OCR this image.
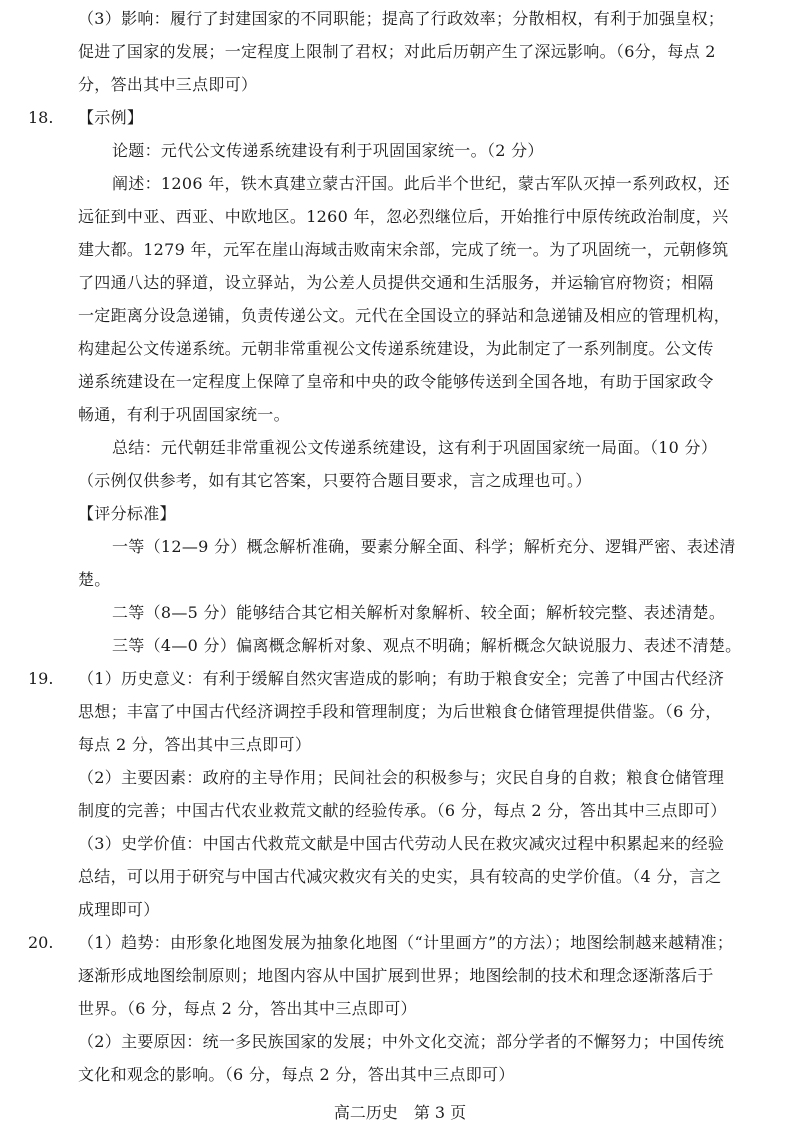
（3）影响：履行了封建国家的不同职能；提高了行政效率；分散相权，有利于加强皇权；
促进了国家的发展；一定程度上限制了君权；对此后历朝产生了深远影响。（6分，每点 2
分，答出其中三点即可）
18. 【示例】
论题：元代公文传递系统建设有利于巩固国家统一。（2 分）
阐述：1206 年，铁木真建立蒙古汗国。此后半个世纪，蒙古军队灭掉一系列政权，还
远征到中亚、西亚、中欧地区。1260 年，忽必烈继位后，开始推行中原传统政治制度，兴
建大都。1279 年，元军在崖山海域击败南宋余部，完成了统一。为了巩固统一，元朝修筑
了四通八达的驿道，设立驿站，为公差人员提供交通和生活服务，并运输官府物资；相隔
一定距离分设急递铺，负责传递公文。元代在全国设立的驿站和急递铺及相应的管理机构，
构建起公文传递系统。元朝非常重视公文传递系统建设，为此制定了一系列制度。公文传
递系统建设在一定程度上保障了皇帝和中央的政令能够传送到全国各地，有助于国家政令
畅通，有利于巩固国家统一。
总结：元代朝廷非常重视公文传递系统建设，这有利于巩固国家统一局面。（10 分）
（示例仅供参考，如有其它答案，只要符合题目要求，言之成理也可。）
【评分标准】
一等（12—9 分）概念解析准确，要素分解全面、科学；解析充分、逻辑严密、表述清
楚。
二等（8—5 分）能够结合其它相关解析对象解析、较全面；解析较完整、表述清楚。
三等（4—0 分）偏离概念解析对象、观点不明确；解析概念欠缺说服力、表述不清楚。
19. （1）历史意义：有利于缓解自然灾害造成的影响；有助于粮食安全；完善了中国古代经济
思想；丰富了中国古代经济调控手段和管理制度；为后世粮食仓储管理提供借鉴。（6 分，
每点 2 分，答出其中三点即可）
（2）主要因素：政府的主导作用；民间社会的积极参与；灾民自身的自救；粮食仓储管理
制度的完善；中国古代农业救荒文献的经验传承。（6 分，每点 2 分，答出其中三点即可）
（3）史学价值：中国古代救荒文献是中国古代劳动人民在救灾减灾过程中积累起来的经验
总结，可以用于研究与中国古代减灾救灾有关的史实，具有较高的史学价值。（4 分，言之
成理即可）
20. （1）趋势：由形象化地图发展为抽象化地图（“计里画方”的方法）；地图绘制越来越精准；
逐渐形成地图绘制原则；地图内容从中国扩展到世界；地图绘制的技术和理念逐渐落后于
世界。（6 分，每点 2 分，答出其中三点即可）
（2）主要原因：统一多民族国家的发展；中外文化交流；部分学者的不懈努力；中国传统
文化和观念的影响。（6 分，每点 2 分，答出其中三点即可）
高二历史　第 3 页
